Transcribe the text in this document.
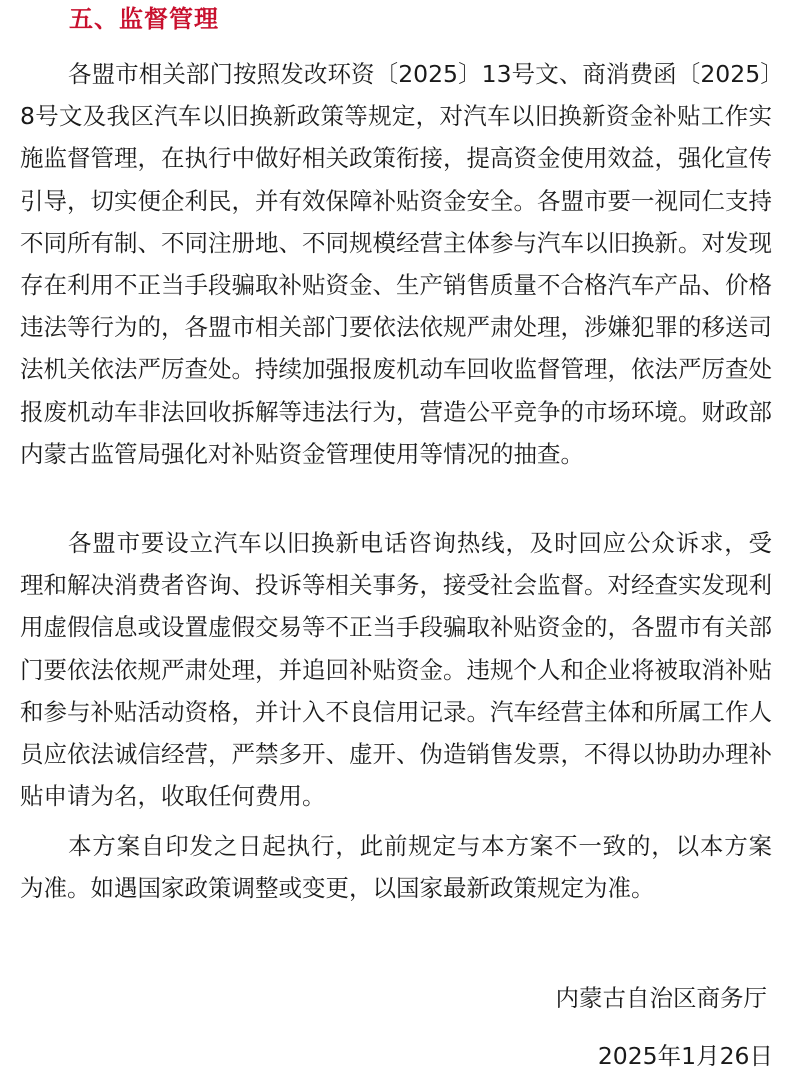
五、监督管理

各盟市相关部门按照发改环资〔2025〕13号文、商消费函〔2025〕8号文及我区汽车以旧换新政策等规定，对汽车以旧换新资金补贴工作实施监督管理，在执行中做好相关政策衔接，提高资金使用效益，强化宣传引导，切实便企利民，并有效保障补贴资金安全。各盟市要一视同仁支持不同所有制、不同注册地、不同规模经营主体参与汽车以旧换新。对发现存在利用不正当手段骗取补贴资金、生产销售质量不合格汽车产品、价格违法等行为的，各盟市相关部门要依法依规严肃处理，涉嫌犯罪的移送司法机关依法严厉查处。持续加强报废机动车回收监督管理，依法严厉查处报废机动车非法回收拆解等违法行为，营造公平竞争的市场环境。财政部内蒙古监管局强化对补贴资金管理使用等情况的抽查。

各盟市要设立汽车以旧换新电话咨询热线，及时回应公众诉求，受理和解决消费者咨询、投诉等相关事务，接受社会监督。对经查实发现利用虚假信息或设置虚假交易等不正当手段骗取补贴资金的，各盟市有关部门要依法依规严肃处理，并追回补贴资金。违规个人和企业将被取消补贴和参与补贴活动资格，并计入不良信用记录。汽车经营主体和所属工作人员应依法诚信经营，严禁多开、虚开、伪造销售发票，不得以协助办理补贴申请为名，收取任何费用。

本方案自印发之日起执行，此前规定与本方案不一致的，以本方案为准。如遇国家政策调整或变更，以国家最新政策规定为准。

内蒙古自治区商务厅
2025年1月26日
